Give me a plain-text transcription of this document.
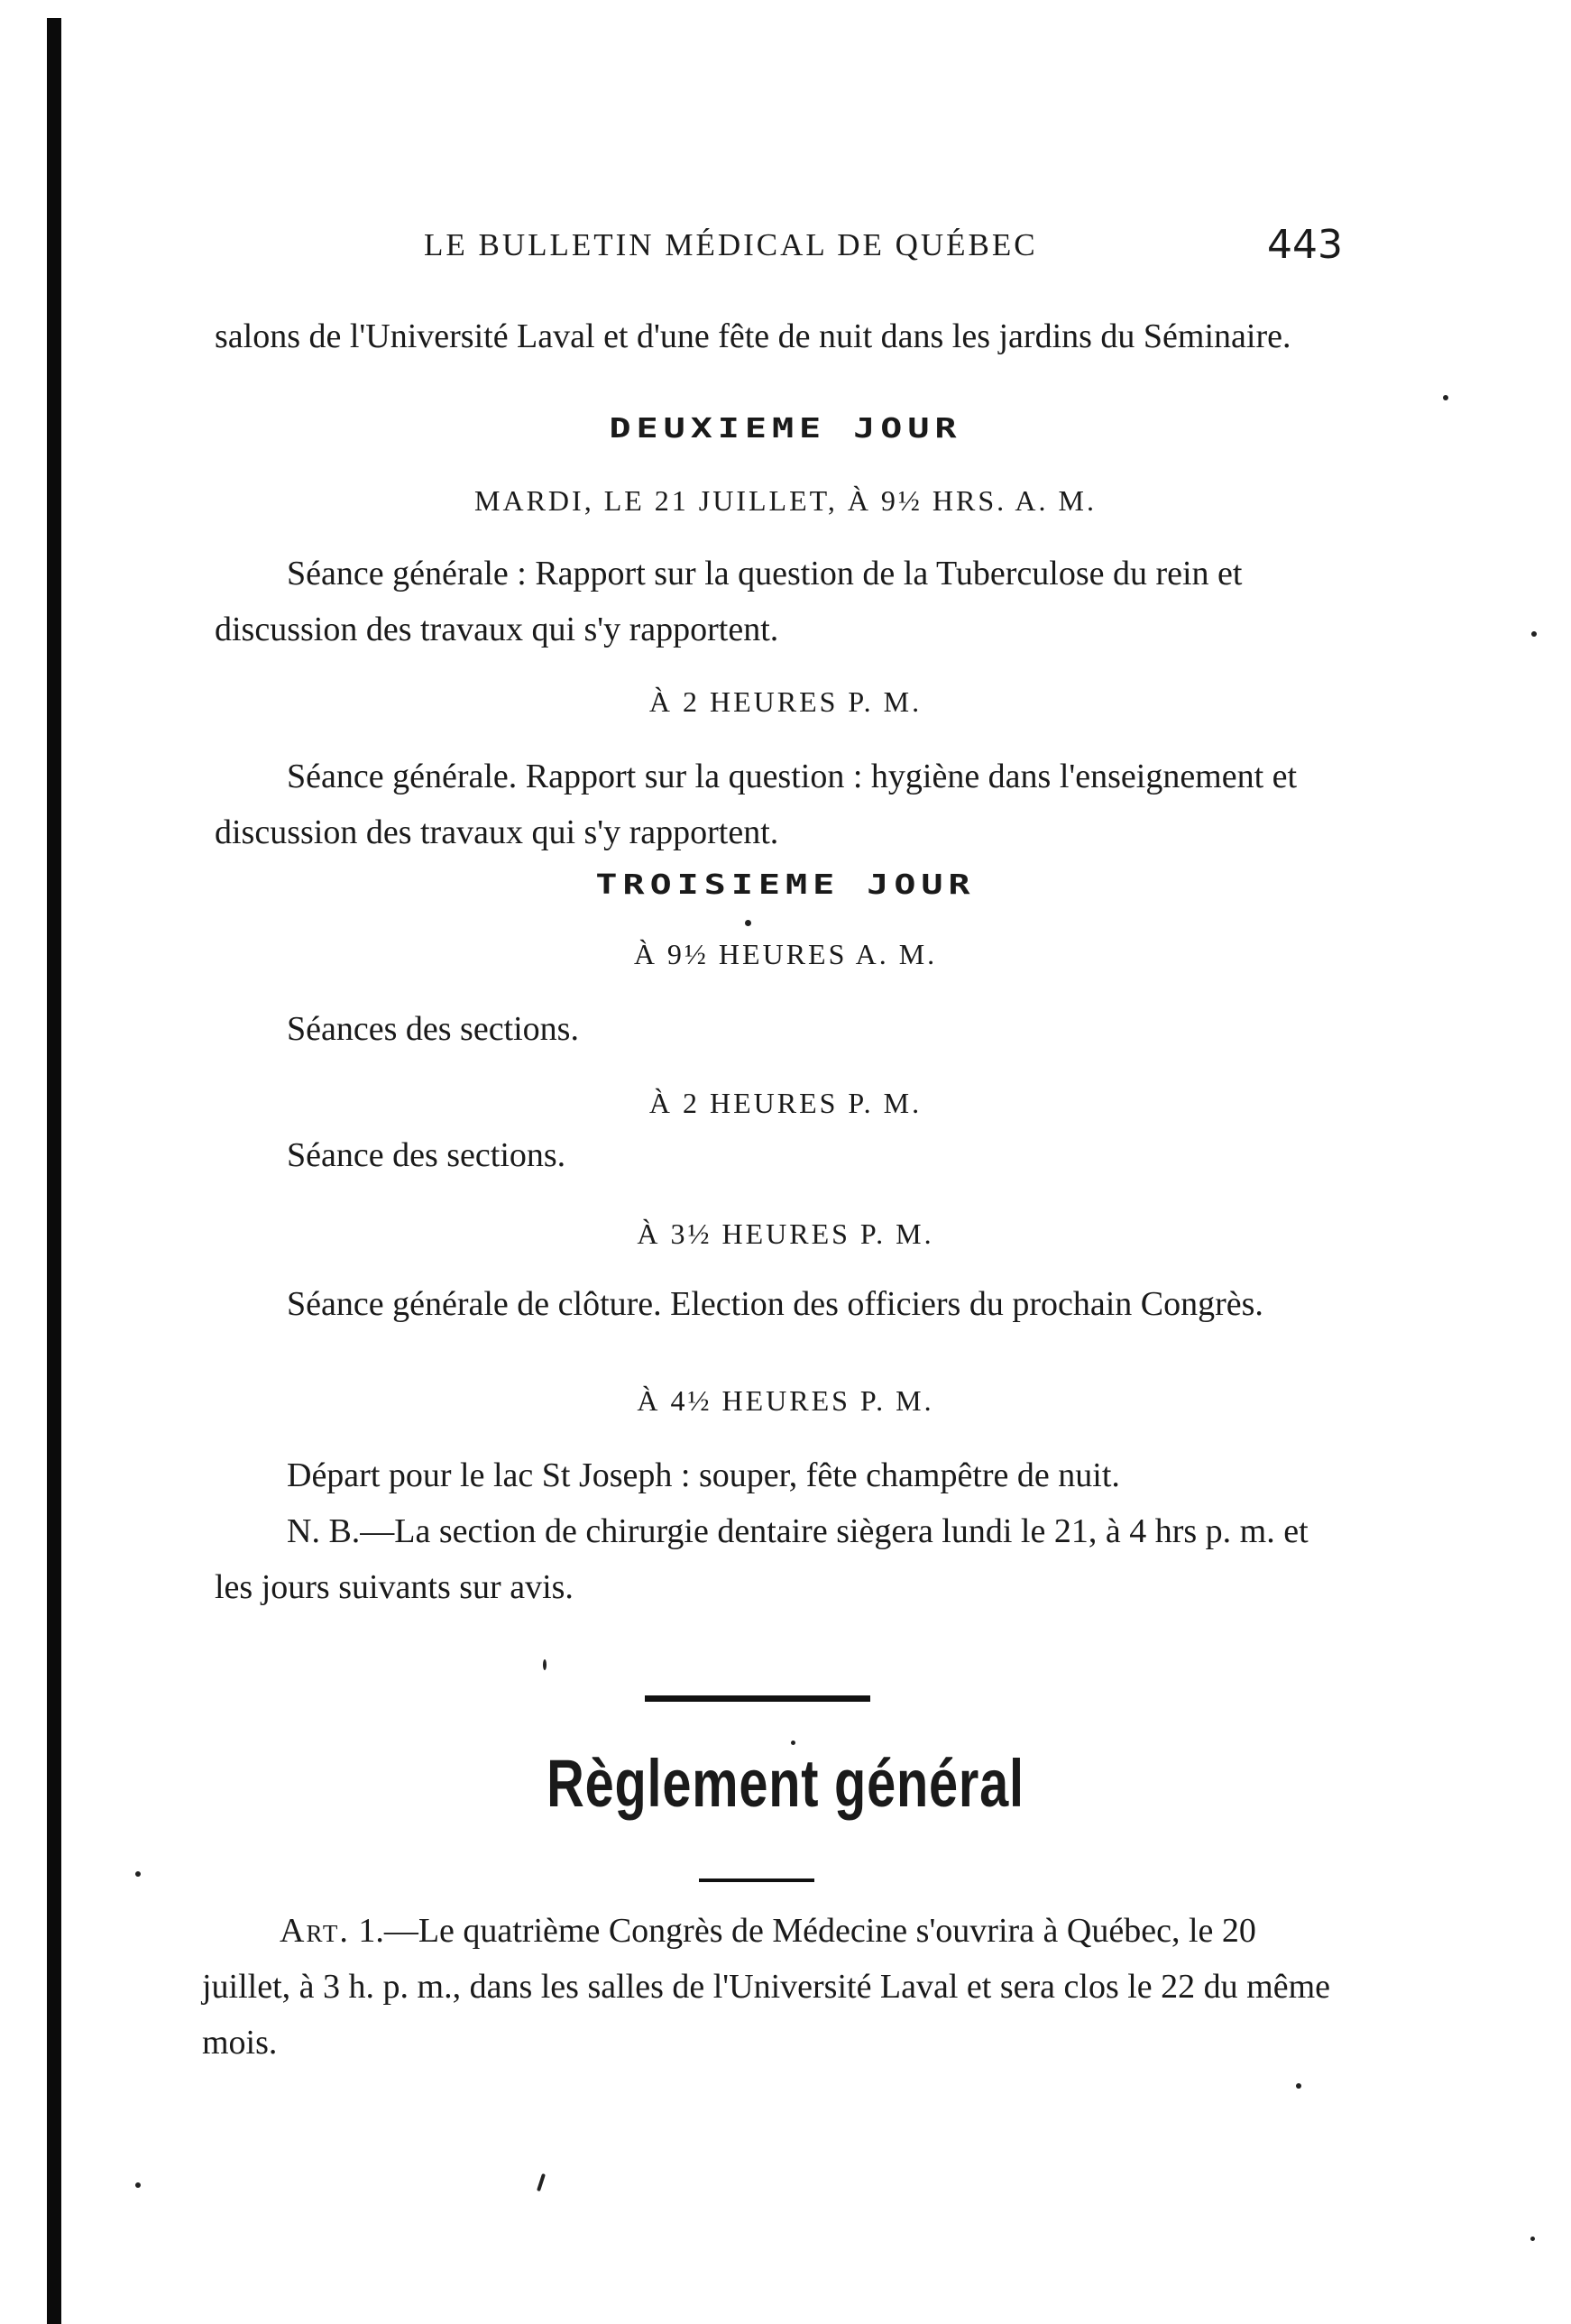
LE BULLETIN MÉDICAL DE QUÉBEC	443

salons de l'Université Laval et d'une fête de nuit dans les jardins du Séminaire.

DEUXIEME JOUR

MARDI, LE 21 JUILLET, À 9½ HRS. A. M.

Séance générale : Rapport sur la question de la Tuberculose du rein et discussion des travaux qui s'y rapportent.

À 2 HEURES P. M.

Séance générale. Rapport sur la question : hygiène dans l'enseignement et discussion des travaux qui s'y rapportent.

TROISIEME JOUR

À 9½ HEURES A. M.

Séances des sections.

À 2 HEURES P. M.

Séance des sections.

À 3½ HEURES P. M.

Séance générale de clôture. Election des officiers du prochain Congrès.

À 4½ HEURES P. M.

Départ pour le lac St Joseph : souper, fête champêtre de nuit.

N. B.—La section de chirurgie dentaire siègera lundi le 21, à 4 hrs p. m. et les jours suivants sur avis.

Règlement général

Art. 1.—Le quatrième Congrès de Médecine s'ouvrira à Québec, le 20 juillet, à 3 h. p. m., dans les salles de l'Université Laval et sera clos le 22 du même mois.
